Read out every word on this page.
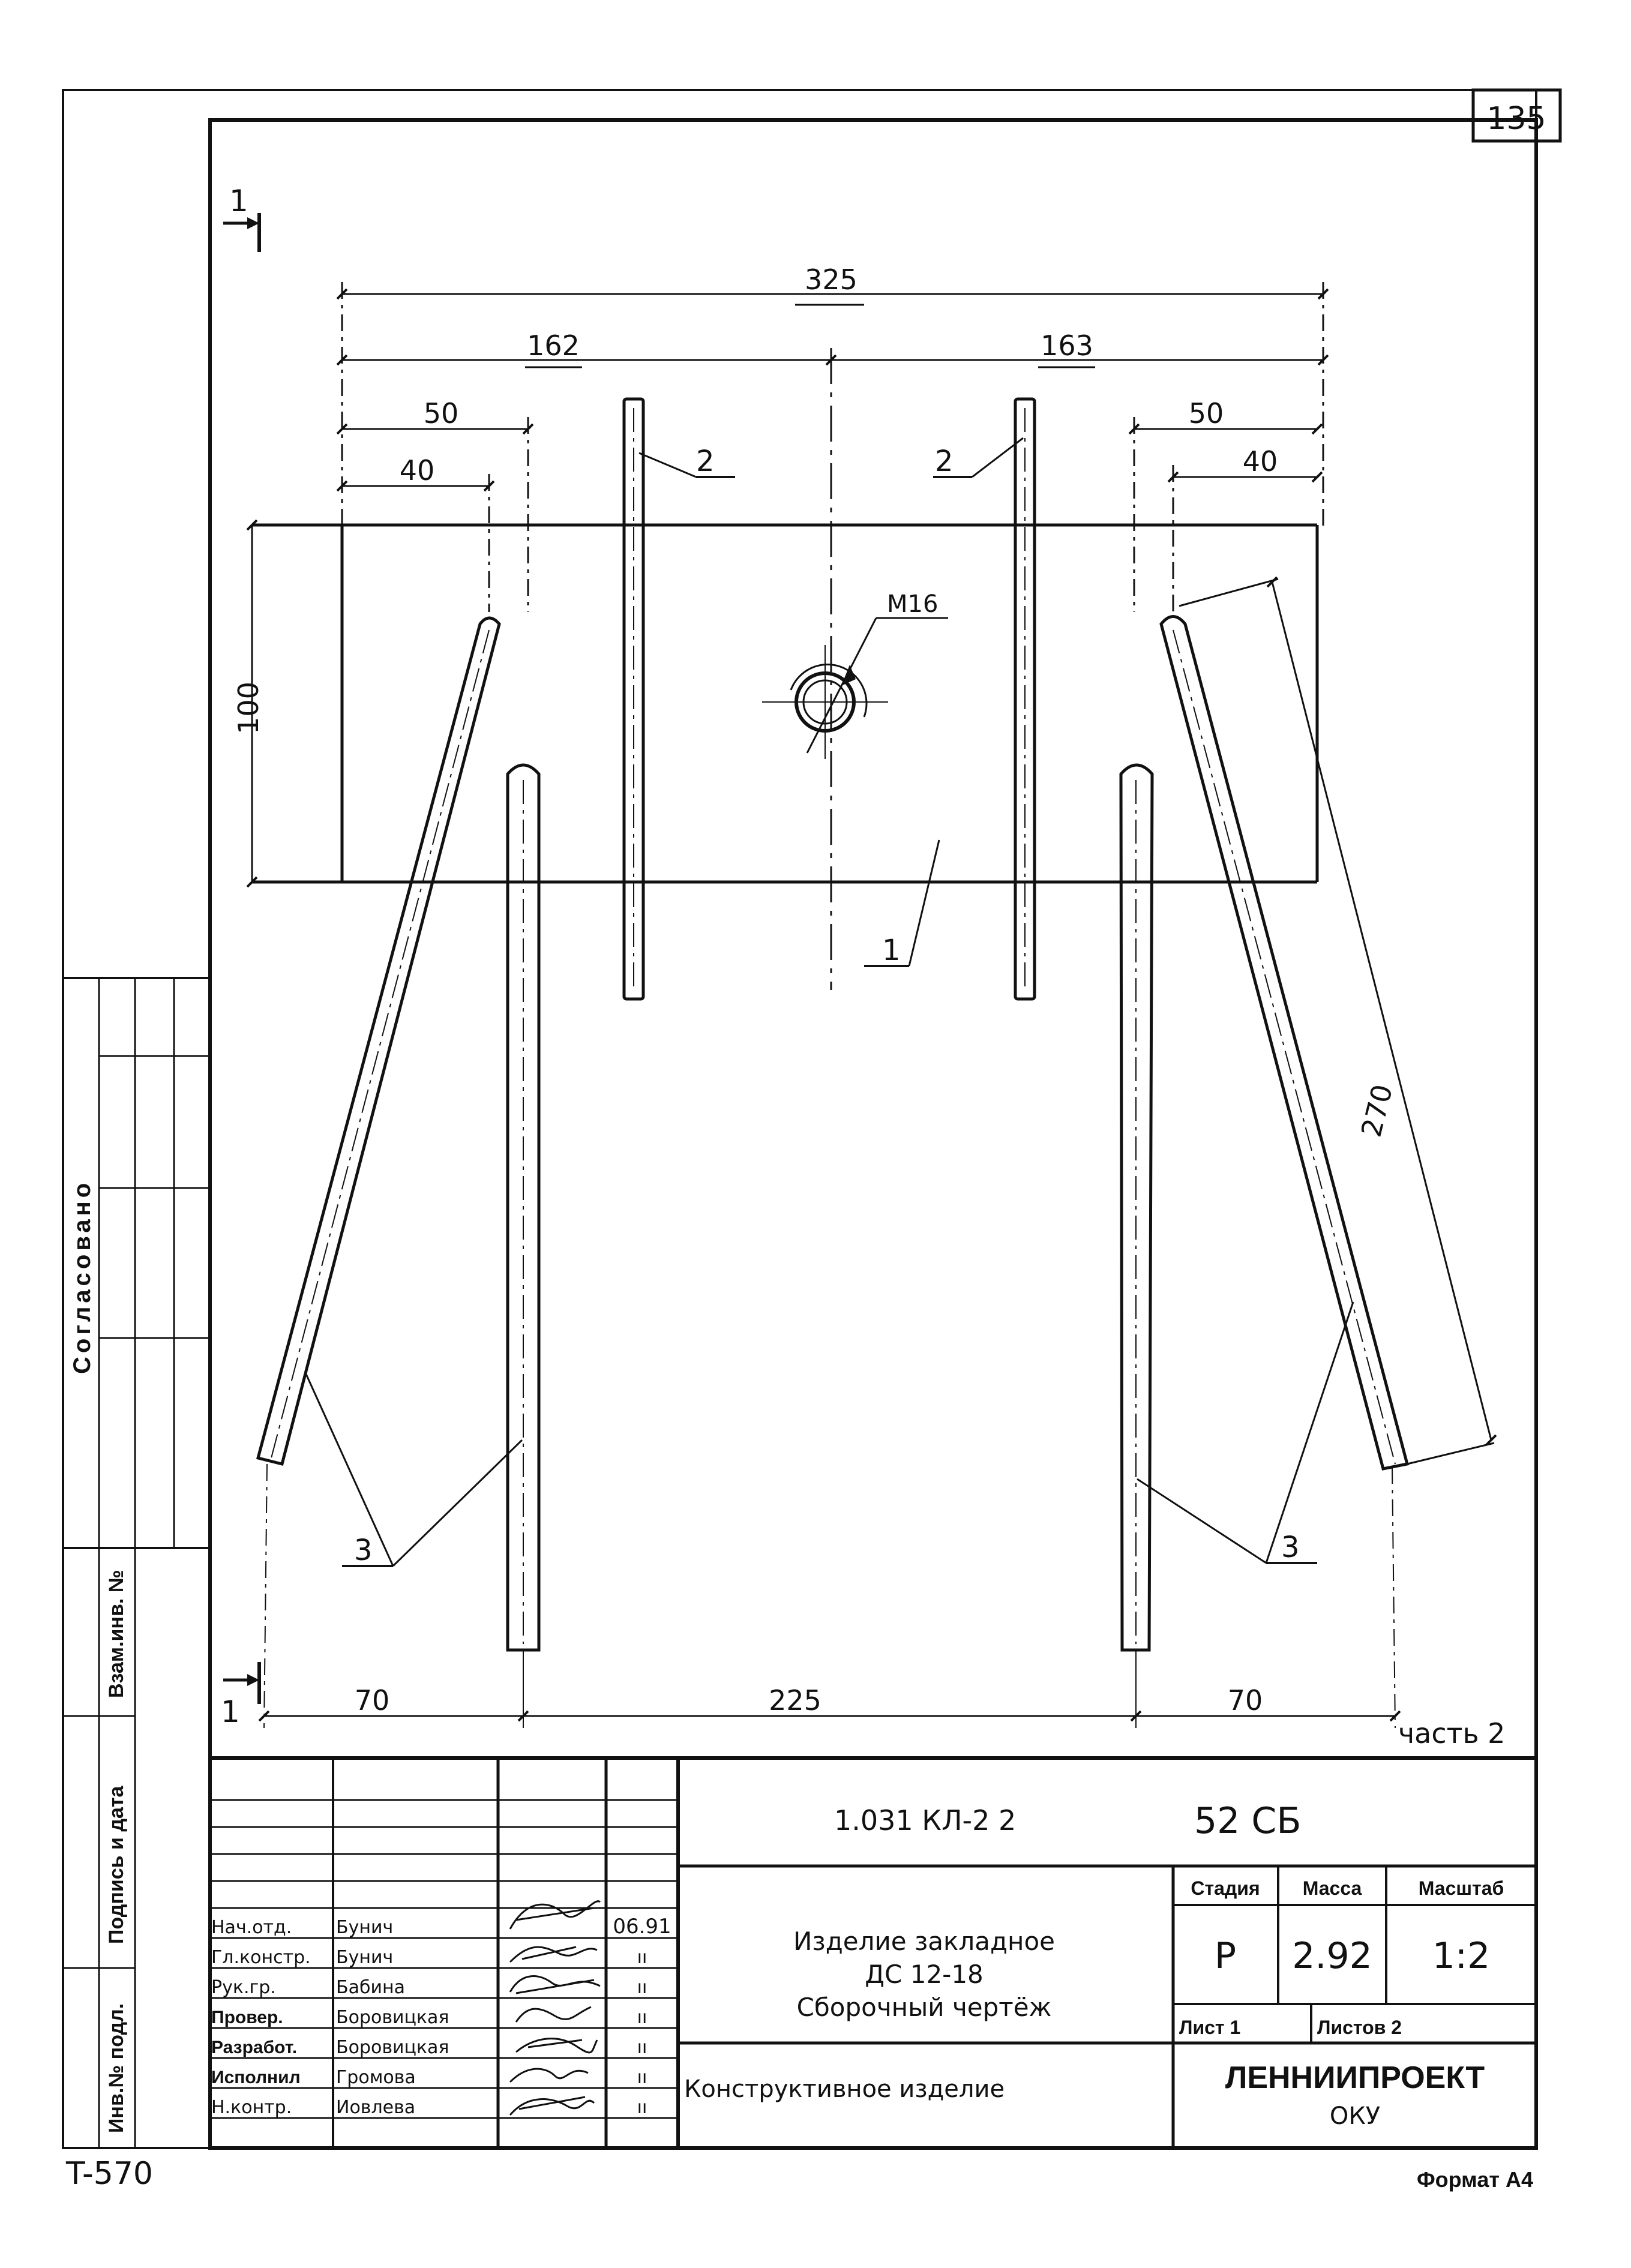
135
T-570	Формат А4
Согласовано
Взам.инв. №
Подпись и дата
Инв.№ подл.
1
1
325
162	163
50
40
50
40
100
M16
1
2	2
270
3	3
70	225	70
часть 2
Нач.отд. Бунич	06.91
Гл.констр. Бунич	ıı
Рук.гр.	Бабина	ıı
Провер.	Боровицкая	ıı
Разработ. Боровицкая	ıı
Исполнил Громова	ıı
Н.контр. Иовлева	ıı
1.031 КЛ-2 2	52 СБ
Изделие закладное
ДС 12-18
Сборочный чертёж
Конструктивное изделие
Стадия Масса	Масштаб
Р 2.92 1:2
Лист 1	Листов 2
ЛЕННИИПРОЕКТ
ОКУ
